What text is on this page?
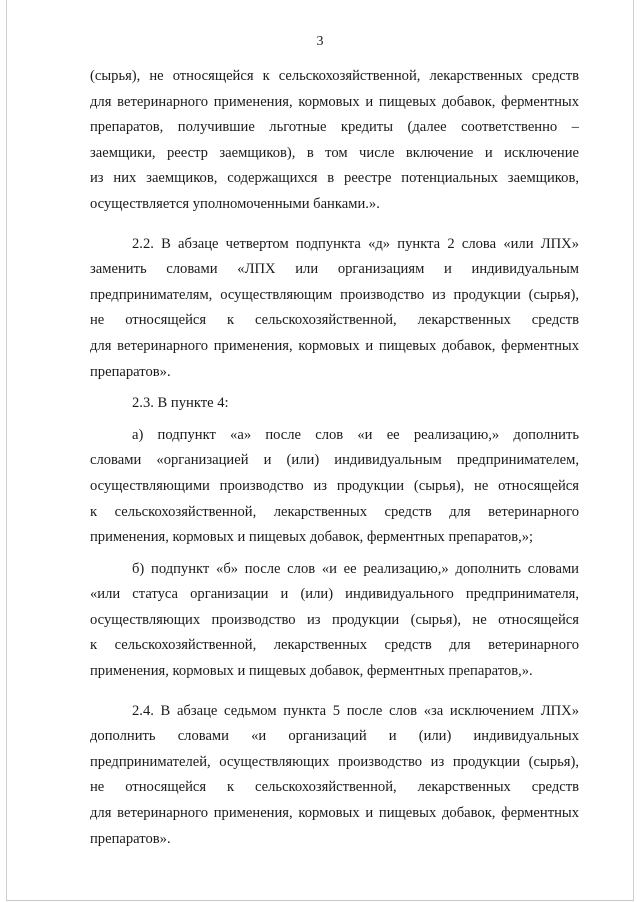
3
(сырья), не относящейся к сельскохозяйственной, лекарственных средств
для ветеринарного применения, кормовых и пищевых добавок, ферментных
препаратов, получившие льготные кредиты (далее соответственно –
заемщики, реестр заемщиков), в том числе включение и исключение
из них заемщиков, содержащихся в реестре потенциальных заемщиков,
осуществляется уполномоченными банками.».
2.2. В абзаце четвертом подпункта «д» пункта 2 слова «или ЛПХ»
заменить словами «ЛПХ или организациям и индивидуальным
предпринимателям, осуществляющим производство из продукции (сырья),
не относящейся к сельскохозяйственной, лекарственных средств
для ветеринарного применения, кормовых и пищевых добавок, ферментных
препаратов».
2.3. В пункте 4:
а) подпункт «а» после слов «и ее реализацию,» дополнить
словами «организацией и (или) индивидуальным предпринимателем,
осуществляющими производство из продукции (сырья), не относящейся
к сельскохозяйственной, лекарственных средств для ветеринарного
применения, кормовых и пищевых добавок, ферментных препаратов,»;
б) подпункт «б» после слов «и ее реализацию,» дополнить словами
«или статуса организации и (или) индивидуального предпринимателя,
осуществляющих производство из продукции (сырья), не относящейся
к сельскохозяйственной, лекарственных средств для ветеринарного
применения, кормовых и пищевых добавок, ферментных препаратов,».
2.4. В абзаце седьмом пункта 5 после слов «за исключением ЛПХ»
дополнить словами «и организаций и (или) индивидуальных
предпринимателей, осуществляющих производство из продукции (сырья),
не относящейся к сельскохозяйственной, лекарственных средств
для ветеринарного применения, кормовых и пищевых добавок, ферментных
препаратов».
